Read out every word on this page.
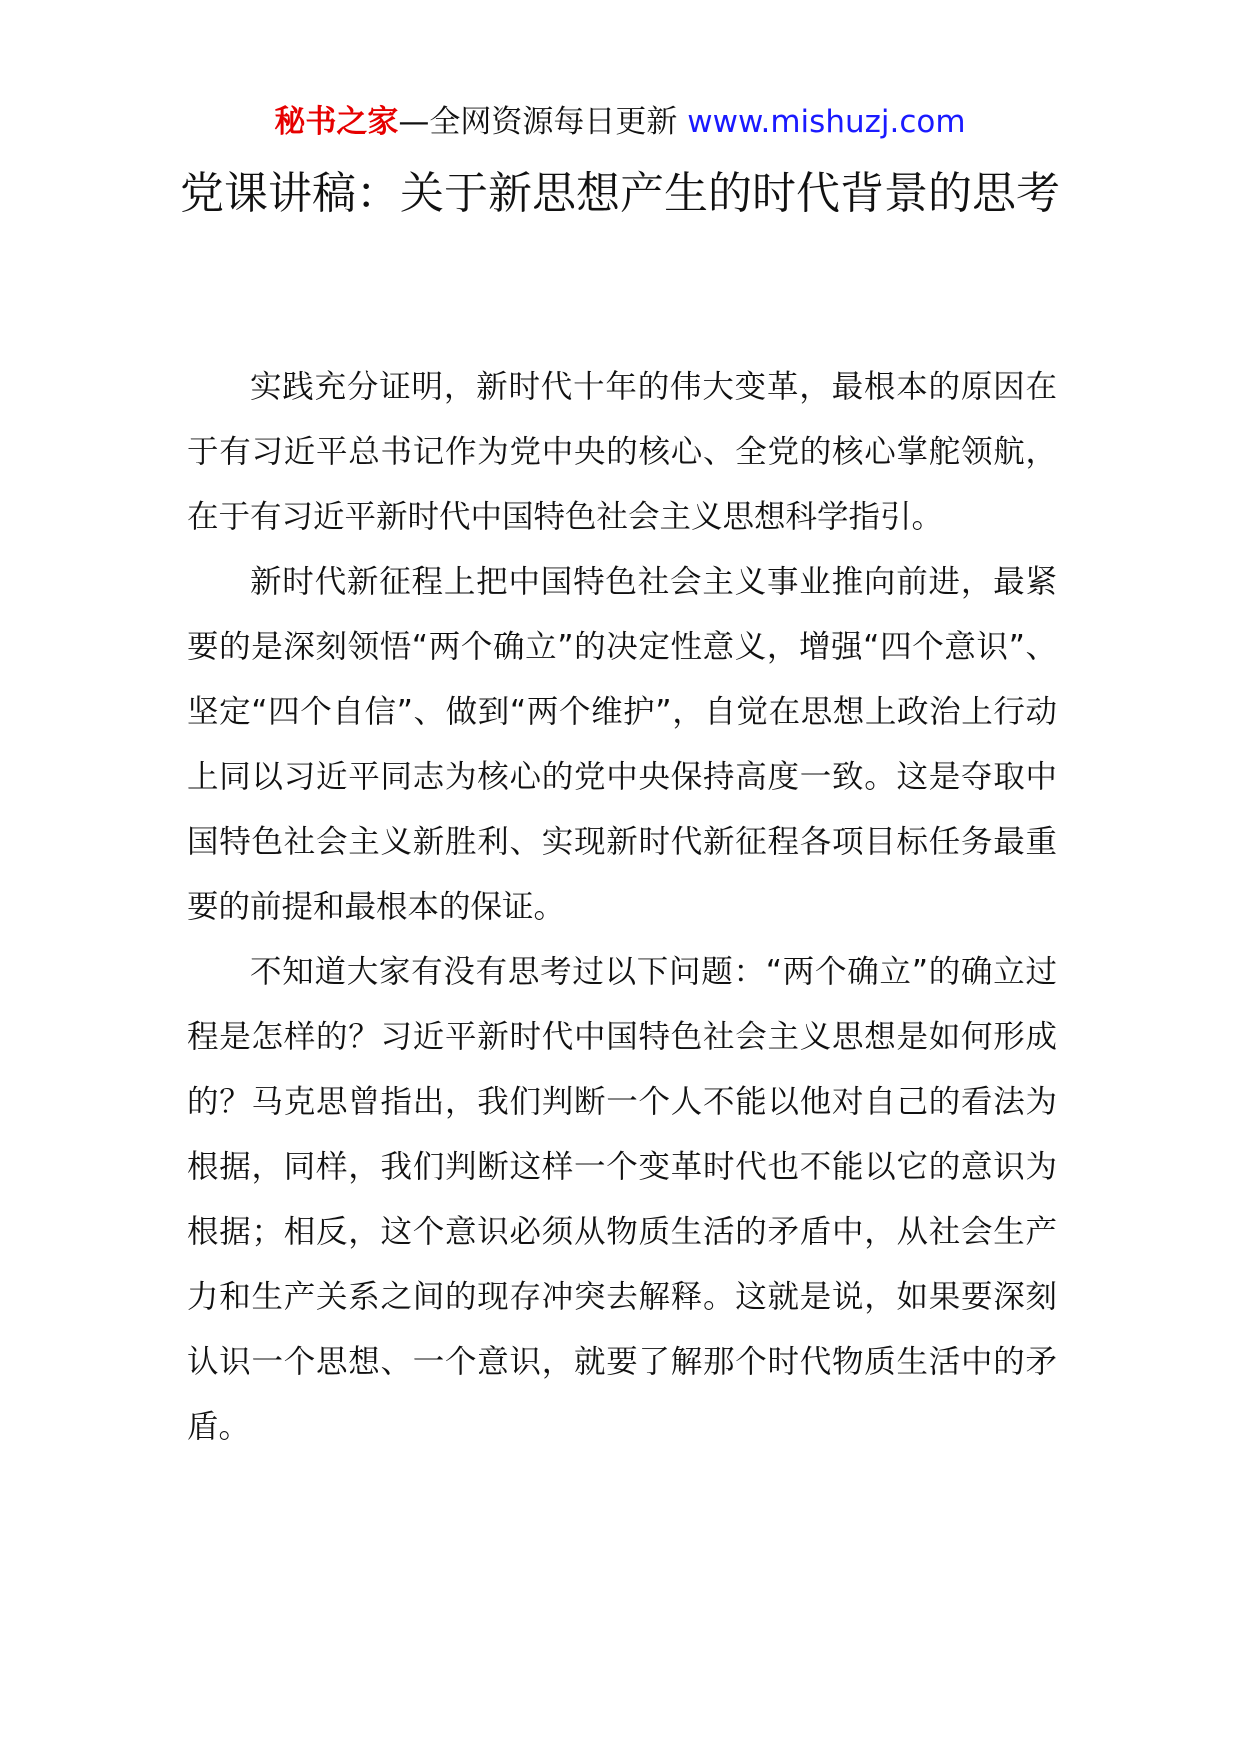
秘书之家—全网资源每日更新 www.mishuzj.com
党课讲稿：关于新思想产生的时代背景的思考

实践充分证明，新时代十年的伟大变革，最根本的原因在于有习近平总书记作为党中央的核心、全党的核心掌舵领航，在于有习近平新时代中国特色社会主义思想科学指引。

新时代新征程上把中国特色社会主义事业推向前进，最紧要的是深刻领悟“两个确立”的决定性意义，增强“四个意识”、坚定“四个自信”、做到“两个维护”，自觉在思想上政治上行动上同以习近平同志为核心的党中央保持高度一致。这是夺取中国特色社会主义新胜利、实现新时代新征程各项目标任务最重要的前提和最根本的保证。

不知道大家有没有思考过以下问题：“两个确立”的确立过程是怎样的？习近平新时代中国特色社会主义思想是如何形成的？马克思曾指出，我们判断一个人不能以他对自己的看法为根据，同样，我们判断这样一个变革时代也不能以它的意识为根据；相反，这个意识必须从物质生活的矛盾中，从社会生产力和生产关系之间的现存冲突去解释。这就是说，如果要深刻认识一个思想、一个意识，就要了解那个时代物质生活中的矛盾。
